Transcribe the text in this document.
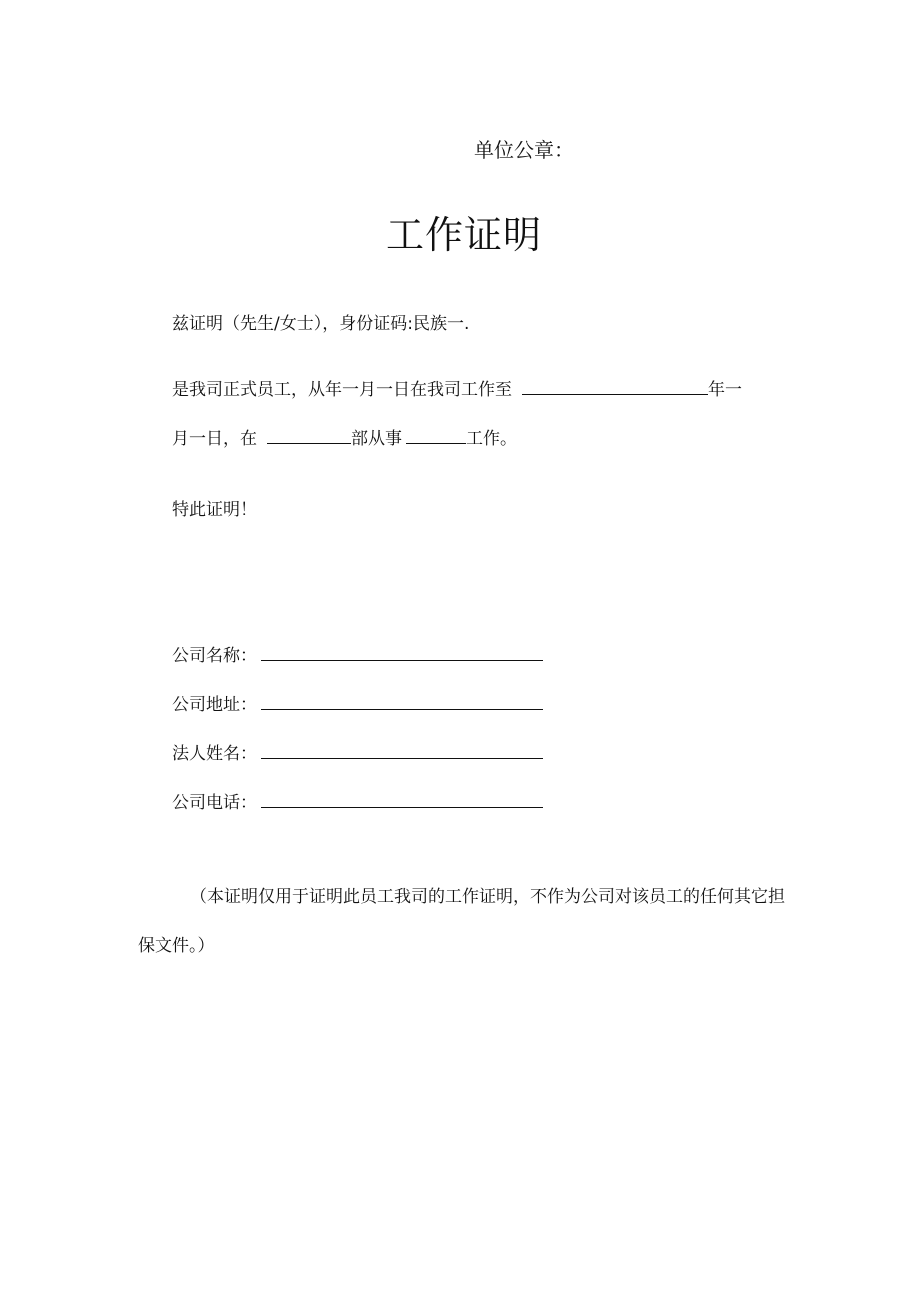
单位公章：
工作证明
兹证明（先生/女士），身份证码:民族一.
是我司正式员工，从年一月一日在我司工作至	年一
月一日，在	部从事	工作。
特此证明！
公司名称：
公司地址：
法人姓名：
公司电话：
（本证明仅用于证明此员工我司的工作证明，不作为公司对该员工的任何其它担
保文件。）
